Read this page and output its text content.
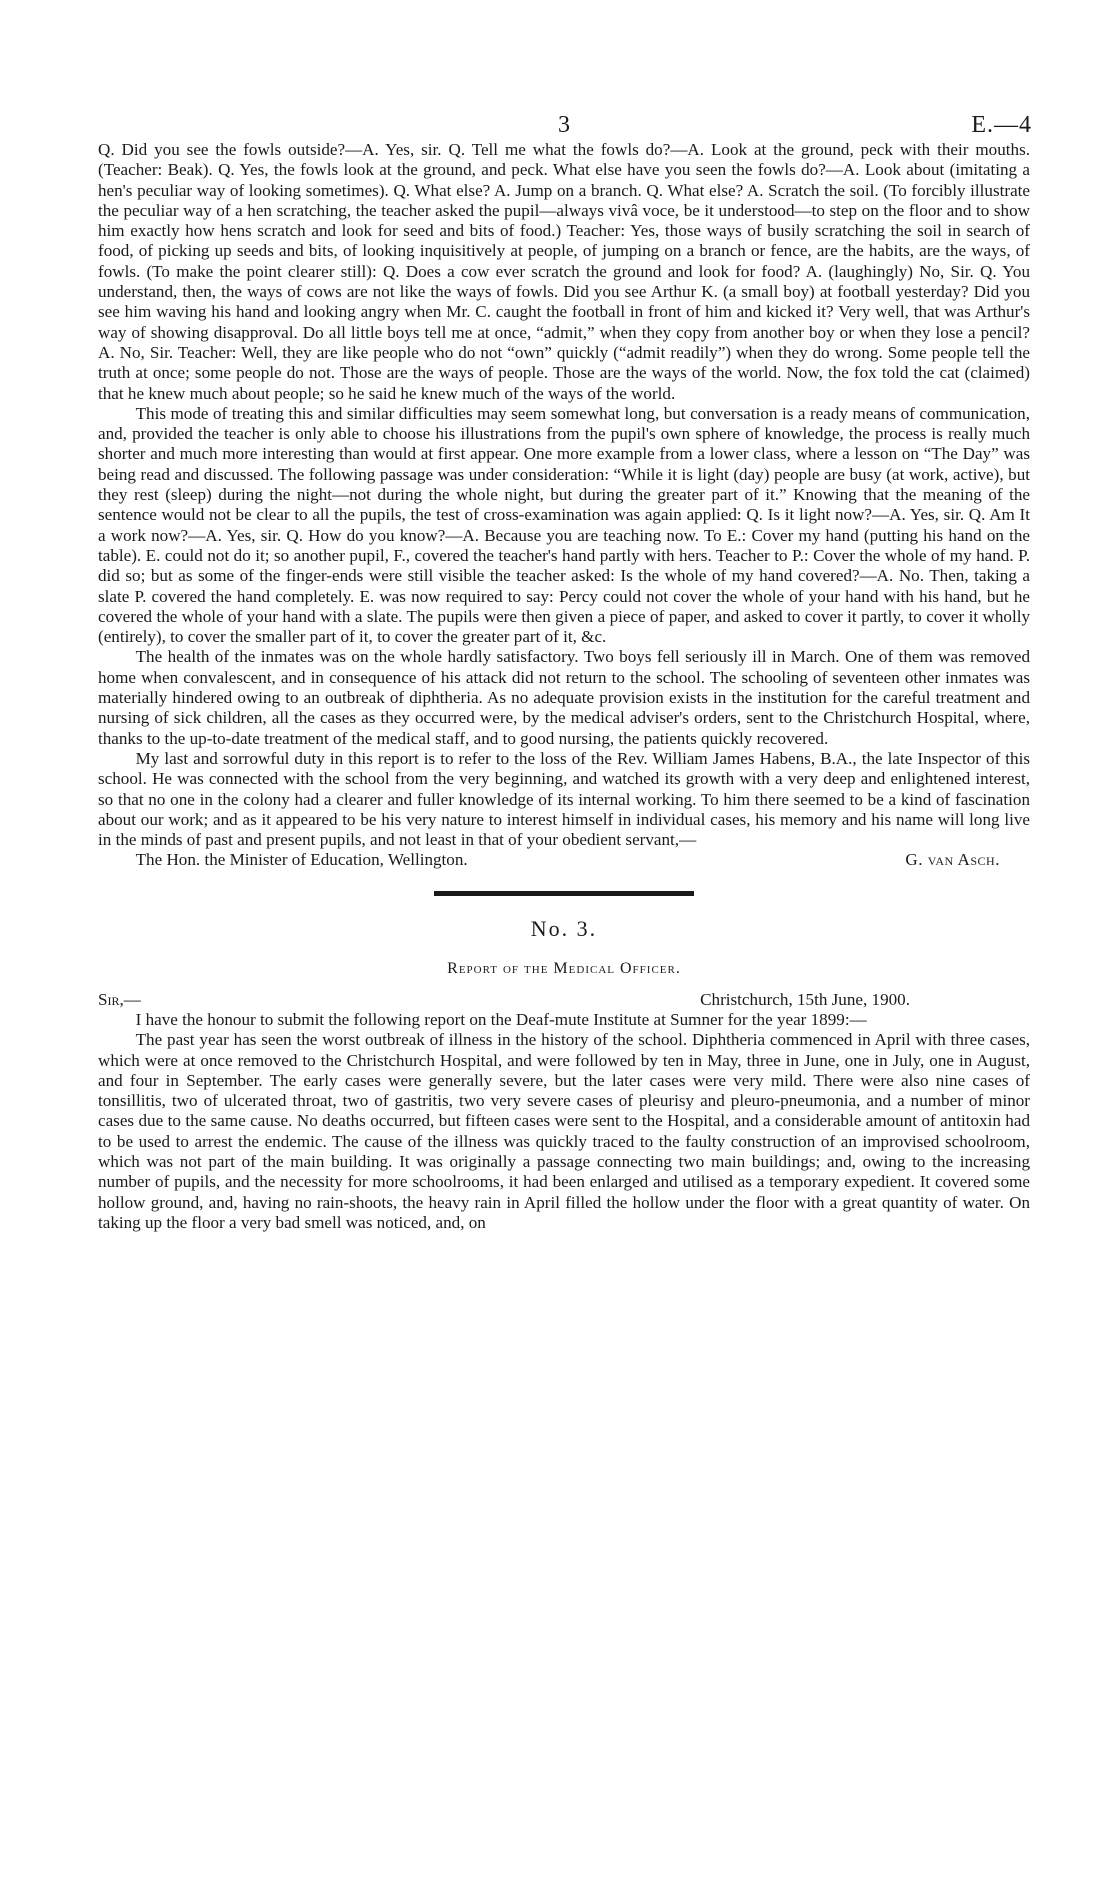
3	E.—4

Q. Did you see the fowls outside?—A. Yes, sir. Q. Tell me what the fowls do?—A. Look at the ground, peck with their mouths. (Teacher: Beak). Q. Yes, the fowls look at the ground, and peck. What else have you seen the fowls do?—A. Look about (imitating a hen's peculiar way of looking sometimes). Q. What else? A. Jump on a branch. Q. What else? A. Scratch the soil. (To forcibly illustrate the peculiar way of a hen scratching, the teacher asked the pupil—always vivâ voce, be it understood—to step on the floor and to show him exactly how hens scratch and look for seed and bits of food.) Teacher: Yes, those ways of busily scratching the soil in search of food, of picking up seeds and bits, of looking inquisitively at people, of jumping on a branch or fence, are the habits, are the ways, of fowls. (To make the point clearer still): Q. Does a cow ever scratch the ground and look for food? A. (laughingly) No, Sir. Q. You understand, then, the ways of cows are not like the ways of fowls. Did you see Arthur K. (a small boy) at football yesterday? Did you see him waving his hand and looking angry when Mr. C. caught the football in front of him and kicked it? Very well, that was Arthur's way of showing disapproval. Do all little boys tell me at once, “admit,” when they copy from another boy or when they lose a pencil? A. No, Sir. Teacher: Well, they are like people who do not “own” quickly (“admit readily”) when they do wrong. Some people tell the truth at once; some people do not. Those are the ways of people. Those are the ways of the world. Now, the fox told the cat (claimed) that he knew much about people; so he said he knew much of the ways of the world.

This mode of treating this and similar difficulties may seem somewhat long, but conversation is a ready means of communication, and, provided the teacher is only able to choose his illustrations from the pupil's own sphere of knowledge, the process is really much shorter and much more interesting than would at first appear. One more example from a lower class, where a lesson on “The Day” was being read and discussed. The following passage was under consideration: “While it is light (day) people are busy (at work, active), but they rest (sleep) during the night—not during the whole night, but during the greater part of it.” Knowing that the meaning of the sentence would not be clear to all the pupils, the test of cross-examination was again applied: Q. Is it light now?—A. Yes, sir. Q. Am It a work now?—A. Yes, sir. Q. How do you know?—A. Because you are teaching now. To E.: Cover my hand (putting his hand on the table). E. could not do it; so another pupil, F., covered the teacher's hand partly with hers. Teacher to P.: Cover the whole of my hand. P. did so; but as some of the finger-ends were still visible the teacher asked: Is the whole of my hand covered?—A. No. Then, taking a slate P. covered the hand completely. E. was now required to say: Percy could not cover the whole of your hand with his hand, but he covered the whole of your hand with a slate. The pupils were then given a piece of paper, and asked to cover it partly, to cover it wholly (entirely), to cover the smaller part of it, to cover the greater part of it, &c.

The health of the inmates was on the whole hardly satisfactory. Two boys fell seriously ill in March. One of them was removed home when convalescent, and in consequence of his attack did not return to the school. The schooling of seventeen other inmates was materially hindered owing to an outbreak of diphtheria. As no adequate provision exists in the institution for the careful treatment and nursing of sick children, all the cases as they occurred were, by the medical adviser's orders, sent to the Christchurch Hospital, where, thanks to the up-to-date treatment of the medical staff, and to good nursing, the patients quickly recovered.

My last and sorrowful duty in this report is to refer to the loss of the Rev. William James Habens, B.A., the late Inspector of this school. He was connected with the school from the very beginning, and watched its growth with a very deep and enlightened interest, so that no one in the colony had a clearer and fuller knowledge of its internal working. To him there seemed to be a kind of fascination about our work; and as it appeared to be his very nature to interest himself in individual cases, his memory and his name will long live in the minds of past and present pupils, and not least in that of your obedient servant,—

The Hon. the Minister of Education, Wellington.	G. van Asch.
No. 3.
Report of the Medical Officer.
Sir,—	Christchurch, 15th June, 1900.

I have the honour to submit the following report on the Deaf-mute Institute at Sumner for the year 1899:—

The past year has seen the worst outbreak of illness in the history of the school. Diphtheria commenced in April with three cases, which were at once removed to the Christchurch Hospital, and were followed by ten in May, three in June, one in July, one in August, and four in September. The early cases were generally severe, but the later cases were very mild. There were also nine cases of tonsillitis, two of ulcerated throat, two of gastritis, two very severe cases of pleurisy and pleuro-pneumonia, and a number of minor cases due to the same cause. No deaths occurred, but fifteen cases were sent to the Hospital, and a considerable amount of antitoxin had to be used to arrest the endemic. The cause of the illness was quickly traced to the faulty construction of an improvised schoolroom, which was not part of the main building. It was originally a passage connecting two main buildings; and, owing to the increasing number of pupils, and the necessity for more schoolrooms, it had been enlarged and utilised as a temporary expedient. It covered some hollow ground, and, having no rain-shoots, the heavy rain in April filled the hollow under the floor with a great quantity of water. On taking up the floor a very bad smell was noticed, and, on
